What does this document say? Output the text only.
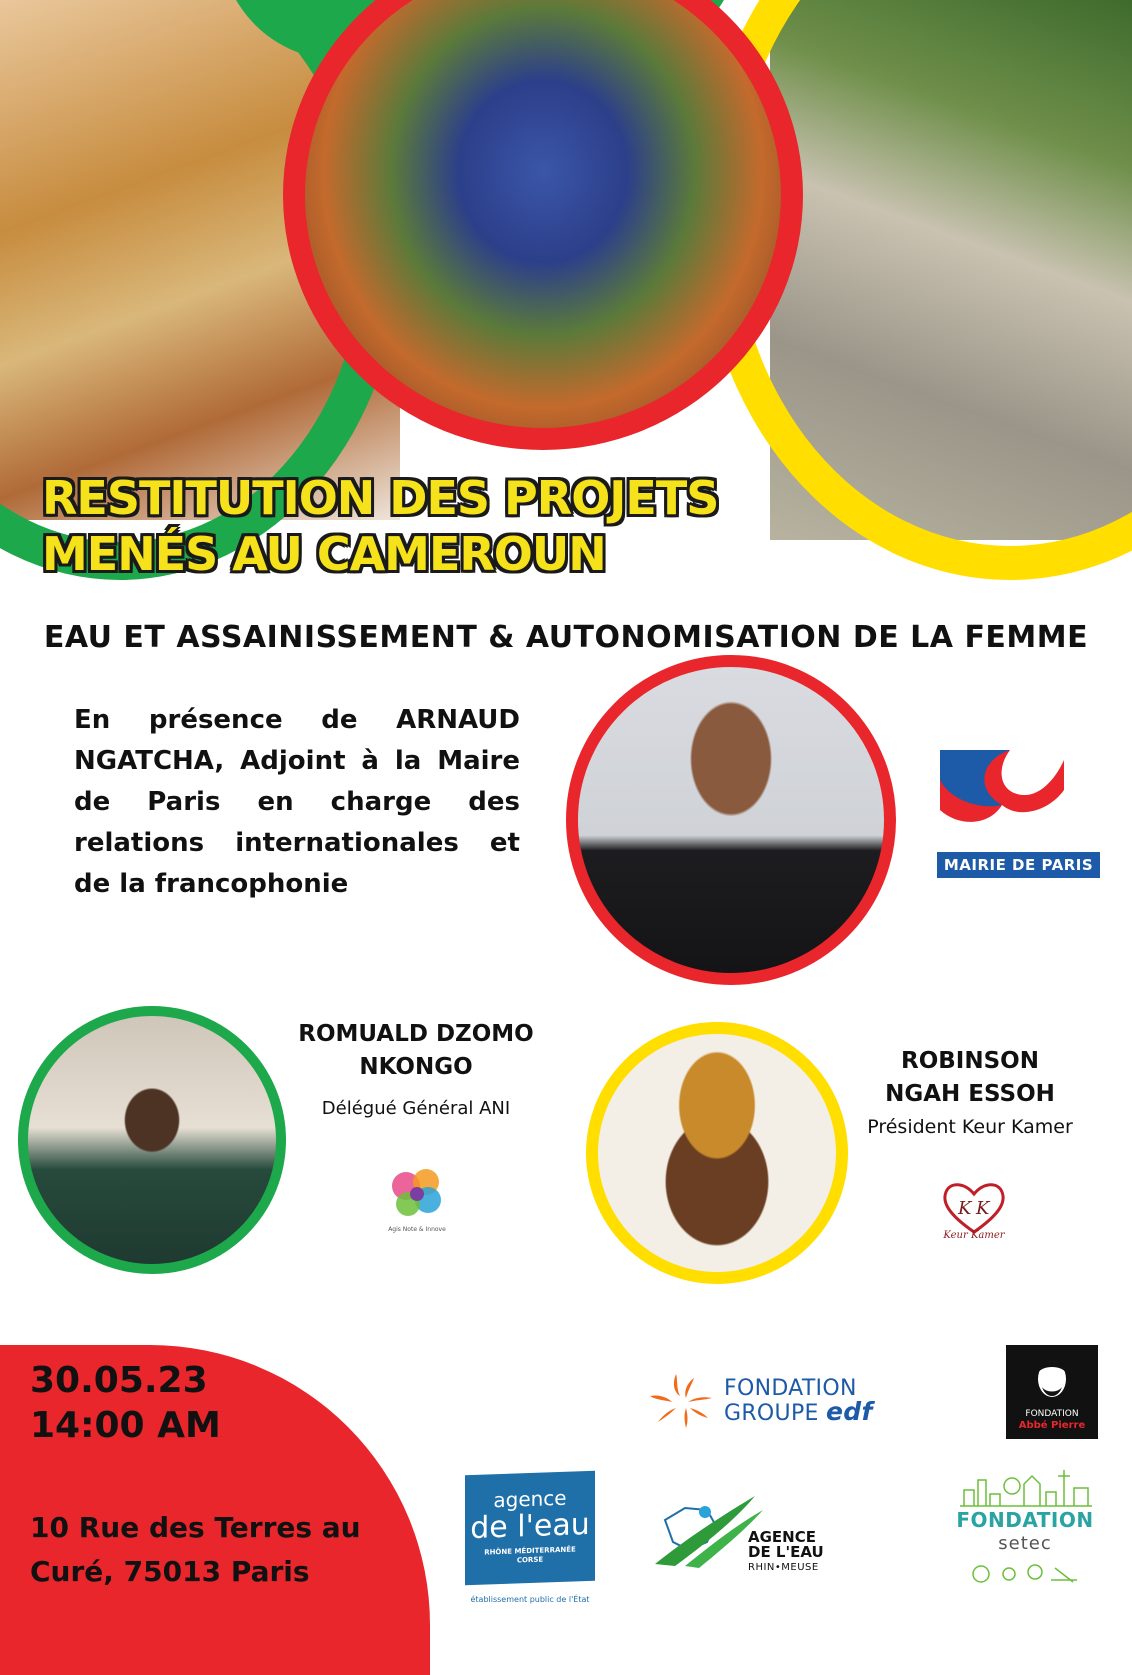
RESTITUTION DES PROJETS
MENÉS AU CAMEROUN
EAU ET ASSAINISSEMENT & AUTONOMISATION DE LA FEMME
En présence de ARNAUD NGATCHA, Adjoint à la Maire de Paris en charge des relations internationales et de la francophonie
MAIRIE DE PARIS
ROMUALD DZOMO
NKONGO
Délégué Général ANI
Agis Note & Innove
ROBINSON
NGAH ESSOH
Président Keur Kamer
K K
Keur Kamer
30.05.23
14:00 AM
10 Rue des Terres au
Curé, 75013 Paris
FONDATION
GROUPE edf	FONDATION
Abbé Pierre
agence
de l'eau
RHÔNE MÉDITERRANÉE
CORSE
établissement public de l'État
AGENCE
DE L'EAU
RHIN•MEUSE
FONDATION
setec
